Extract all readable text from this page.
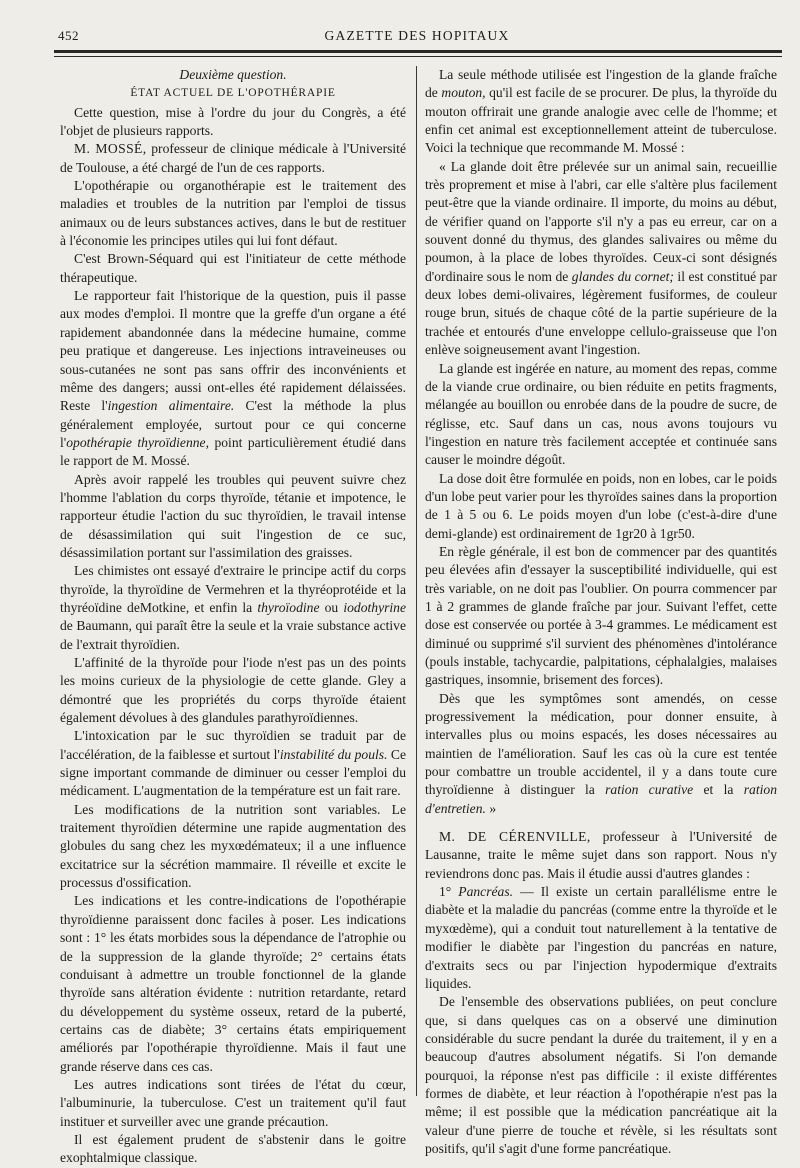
452	GAZETTE DES HOPITAUX

Deuxième question.

ÉTAT ACTUEL DE L'OPOTHÉRAPIE

Cette question, mise à l'ordre du jour du Congrès, a été l'objet de plusieurs rapports.

M. MOSSÉ, professeur de clinique médicale à l'Université de Toulouse, a été chargé de l'un de ces rapports.

L'opothérapie ou organothérapie est le traitement des maladies et troubles de la nutrition par l'emploi de tissus animaux ou de leurs substances actives, dans le but de restituer à l'économie les principes utiles qui lui font défaut.

C'est Brown-Séquard qui est l'initiateur de cette méthode thérapeutique.

Le rapporteur fait l'historique de la question, puis il passe aux modes d'emploi. Il montre que la greffe d'un organe a été rapidement abandonnée dans la médecine humaine, comme peu pratique et dangereuse. Les injections intraveineuses ou sous-cutanées ne sont pas sans offrir des inconvénients et même des dangers; aussi ont-elles été rapidement délaissées. Reste l'ingestion alimentaire. C'est la méthode la plus généralement employée, surtout pour ce qui concerne l'opothérapie thyroïdienne, point particulièrement étudié dans le rapport de M. Mossé.

Après avoir rappelé les troubles qui peuvent suivre chez l'homme l'ablation du corps thyroïde, tétanie et impotence, le rapporteur étudie l'action du suc thyroïdien, le travail intense de désassimilation qui suit l'ingestion de ce suc, désassimilation portant sur l'assimilation des graisses.

Les chimistes ont essayé d'extraire le principe actif du corps thyroïde, la thyroïdine de Vermehren et la thyréoprotéide et la thyréoïdine deMotkine, et enfin la thyroïodine ou iodothyrine de Baumann, qui paraît être la seule et la vraie substance active de l'extrait thyroïdien.

L'affinité de la thyroïde pour l'iode n'est pas un des points les moins curieux de la physiologie de cette glande. Gley a démontré que les propriétés du corps thyroïde étaient également dévolues à des glandules parathyroïdiennes.

L'intoxication par le suc thyroïdien se traduit par de l'accélération, de la faiblesse et surtout l'instabilité du pouls. Ce signe important commande de diminuer ou cesser l'emploi du médicament. L'augmentation de la température est un fait rare.

Les modifications de la nutrition sont variables. Le traitement thyroïdien détermine une rapide augmentation des globules du sang chez les myxœdémateux; il a une influence excitatrice sur la sécrétion mammaire. Il réveille et excite le processus d'ossification.

Les indications et les contre-indications de l'opothérapie thyroïdienne paraissent donc faciles à poser. Les indications sont : 1° les états morbides sous la dépendance de l'atrophie ou de la suppression de la glande thyroïde; 2° certains états conduisant à admettre un trouble fonctionnel de la glande thyroïde sans altération évidente : nutrition retardante, retard du développement du système osseux, retard de la puberté, certains cas de diabète; 3° certains états empiriquement améliorés par l'opothérapie thyroïdienne. Mais il faut une grande réserve dans ces cas.

Les autres indications sont tirées de l'état du cœur, l'albuminurie, la tuberculose. C'est un traitement qu'il faut instituer et surveiller avec une grande précaution.

Il est également prudent de s'abstenir dans le goitre exophtalmique classique.

La seule méthode utilisée est l'ingestion de la glande fraîche de mouton, qu'il est facile de se procurer. De plus, la thyroïde du mouton offrirait une grande analogie avec celle de l'homme; et enfin cet animal est exceptionnellement atteint de tuberculose. Voici la technique que recommande M. Mossé :

« La glande doit être prélevée sur un animal sain, recueillie très proprement et mise à l'abri, car elle s'altère plus facilement peut-être que la viande ordinaire. Il importe, du moins au début, de vérifier quand on l'apporte s'il n'y a pas eu erreur, car on a souvent donné du thymus, des glandes salivaires ou même du poumon, à la place de lobes thyroïdes. Ceux-ci sont désignés d'ordinaire sous le nom de glandes du cornet; il est constitué par deux lobes demi-olivaires, légèrement fusiformes, de couleur rouge brun, situés de chaque côté de la partie supérieure de la trachée et entourés d'une enveloppe cellulo-graisseuse que l'on enlève soigneusement avant l'ingestion.

La glande est ingérée en nature, au moment des repas, comme de la viande crue ordinaire, ou bien réduite en petits fragments, mélangée au bouillon ou enrobée dans de la poudre de sucre, de réglisse, etc. Sauf dans un cas, nous avons toujours vu l'ingestion en nature très facilement acceptée et continuée sans causer le moindre dégoût.

La dose doit être formulée en poids, non en lobes, car le poids d'un lobe peut varier pour les thyroïdes saines dans la proportion de 1 à 5 ou 6. Le poids moyen d'un lobe (c'est-à-dire d'une demi-glande) est ordinairement de 1gr20 à 1gr50.

En règle générale, il est bon de commencer par des quantités peu élevées afin d'essayer la susceptibilité individuelle, qui est très variable, on ne doit pas l'oublier. On pourra commencer par 1 à 2 grammes de glande fraîche par jour. Suivant l'effet, cette dose est conservée ou portée à 3-4 grammes. Le médicament est diminué ou supprimé s'il survient des phénomènes d'intolérance (pouls instable, tachycardie, palpitations, céphalalgies, malaises gastriques, insomnie, brisement des forces).

Dès que les symptômes sont amendés, on cesse progressivement la médication, pour donner ensuite, à intervalles plus ou moins espacés, les doses nécessaires au maintien de l'amélioration. Sauf les cas où la cure est tentée pour combattre un trouble accidentel, il y a dans toute cure thyroïdienne à distinguer la ration curative et la ration d'entretien. »

M. DE CÉRENVILLE, professeur à l'Université de Lausanne, traite le même sujet dans son rapport. Nous n'y reviendrons donc pas. Mais il étudie aussi d'autres glandes :

1° Pancréas. — Il existe un certain parallélisme entre le diabète et la maladie du pancréas (comme entre la thyroïde et le myxœdème), qui a conduit tout naturellement à la tentative de modifier le diabète par l'ingestion du pancréas en nature, d'extraits secs ou par l'injection hypodermique d'extraits liquides.

De l'ensemble des observations publiées, on peut conclure que, si dans quelques cas on a observé une diminution considérable du sucre pendant la durée du traitement, il y en a beaucoup d'autres absolument négatifs. Si l'on demande pourquoi, la réponse n'est pas difficile : il existe différentes formes de diabète, et leur réaction à l'opothérapie n'est pas la même; il est possible que la médication pancréatique ait la valeur d'une pierre de touche et révèle, si les résultats sont positifs, qu'il s'agit d'une forme pancréatique.
